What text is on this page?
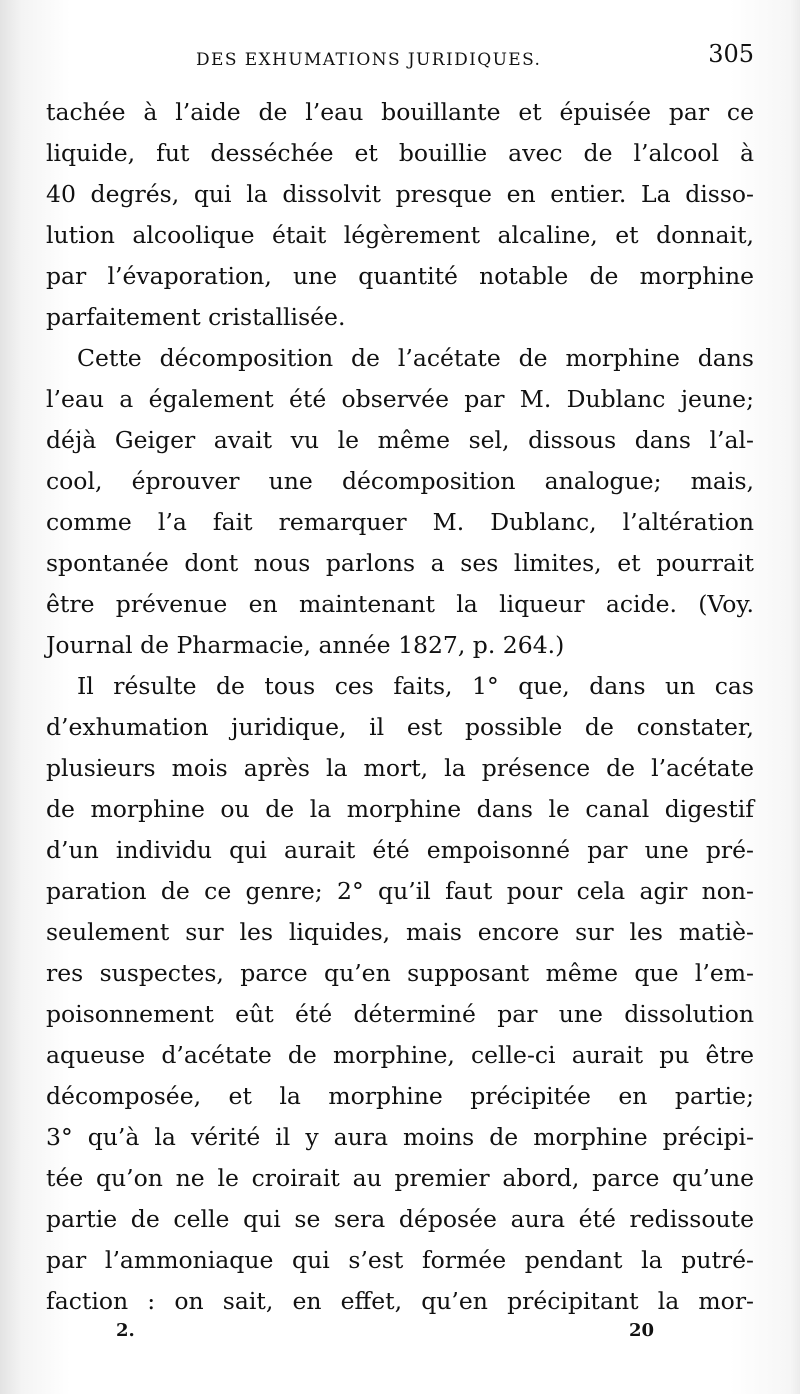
DES EXHUMATIONS JURIDIQUES.	305
tachée à l’aide de l’eau bouillante et épuisée par ce
liquide, fut desséchée et bouillie avec de l’alcool à
40 degrés, qui la dissolvit presque en entier. La disso-
lution alcoolique était légèrement alcaline, et donnait,
par l’évaporation, une quantité notable de morphine
parfaitement cristallisée.
Cette décomposition de l’acétate de morphine dans
l’eau a également été observée par M. Dublanc jeune;
déjà Geiger avait vu le même sel, dissous dans l’al-
cool, éprouver une décomposition analogue; mais,
comme l’a fait remarquer M. Dublanc, l’altération
spontanée dont nous parlons a ses limites, et pourrait
être prévenue en maintenant la liqueur acide. (Voy.
Journal de Pharmacie, année 1827, p. 264.)
Il résulte de tous ces faits, 1° que, dans un cas
d’exhumation juridique, il est possible de constater,
plusieurs mois après la mort, la présence de l’acétate
de morphine ou de la morphine dans le canal digestif
d’un individu qui aurait été empoisonné par une pré-
paration de ce genre; 2° qu’il faut pour cela agir non-
seulement sur les liquides, mais encore sur les matiè-
res suspectes, parce qu’en supposant même que l’em-
poisonnement eût été déterminé par une dissolution
aqueuse d’acétate de morphine, celle-ci aurait pu être
décomposée, et la morphine précipitée en partie;
3° qu’à la vérité il y aura moins de morphine précipi-
tée qu’on ne le croirait au premier abord, parce qu’une
partie de celle qui se sera déposée aura été redissoute
par l’ammoniaque qui s’est formée pendant la putré-
faction : on sait, en effet, qu’en précipitant la mor-
2.	20
